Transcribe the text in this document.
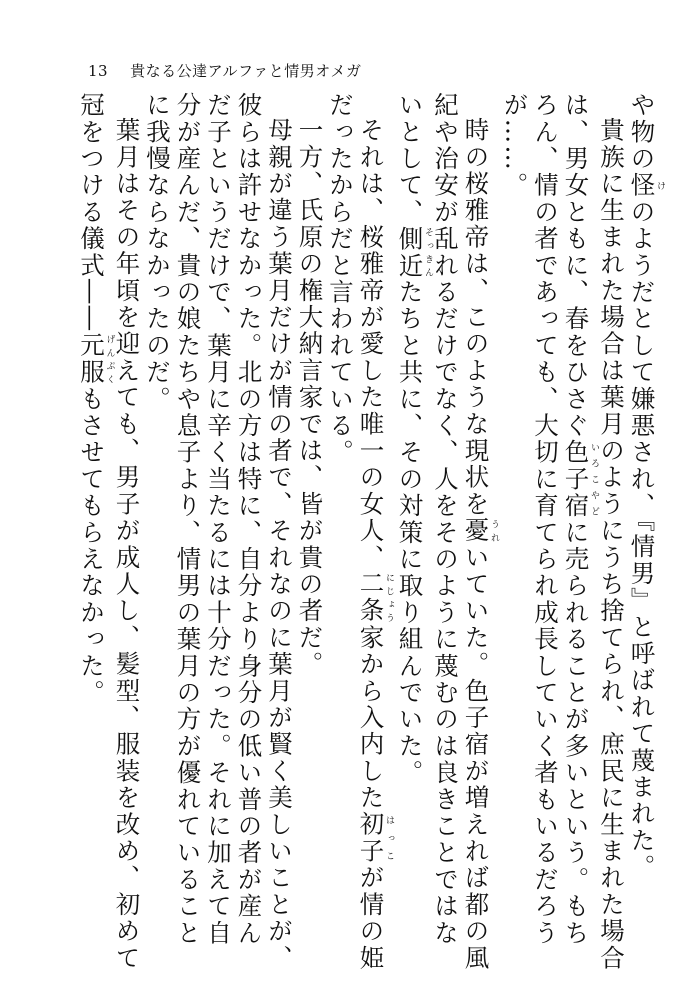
13 貴なる公達アルファと情男オメガ

や物の怪けのようだとして嫌悪され、『情男』と呼ばれて蔑まれた。

貴族に生まれた場合は葉月のようにうち捨てられ、庶民に生まれた場合は、男女ともに、春をひさぐ色子宿いろこやどに売られることが多いという。もちろん、情の者であっても、大切に育てられ成長していく者もいるだろうが……。

時の桜雅帝は、このような現状を憂うれいていた。色子宿が増えれば都の風紀や治安が乱れるだけでなく、人をそのように蔑むのは良きことではないとして、側近そっきんたちと共に、その対策に取り組んでいた。

それは、桜雅帝が愛した唯一の女人、二条にじょう家から入内した初子はっこが情の姫だったからだと言われている。

一方、氏原の権大納言家では、皆が貴の者だ。

母親が違う葉月だけが情の者で、それなのに葉月が賢く美しいことが、彼らは許せなかった。北の方は特に、自分より身分の低い普の者が産んだ子というだけで、葉月に辛く当たるには十分だった。それに加えて自分が産んだ、貴の娘たちや息子より、情男の葉月の方が優れていることに我慢ならなかったのだ。

葉月はその年頃を迎えても、男子が成人し、髪型、服装を改め、初めて冠をつける儀式――元服げんぷくもさせてもらえなかった。
